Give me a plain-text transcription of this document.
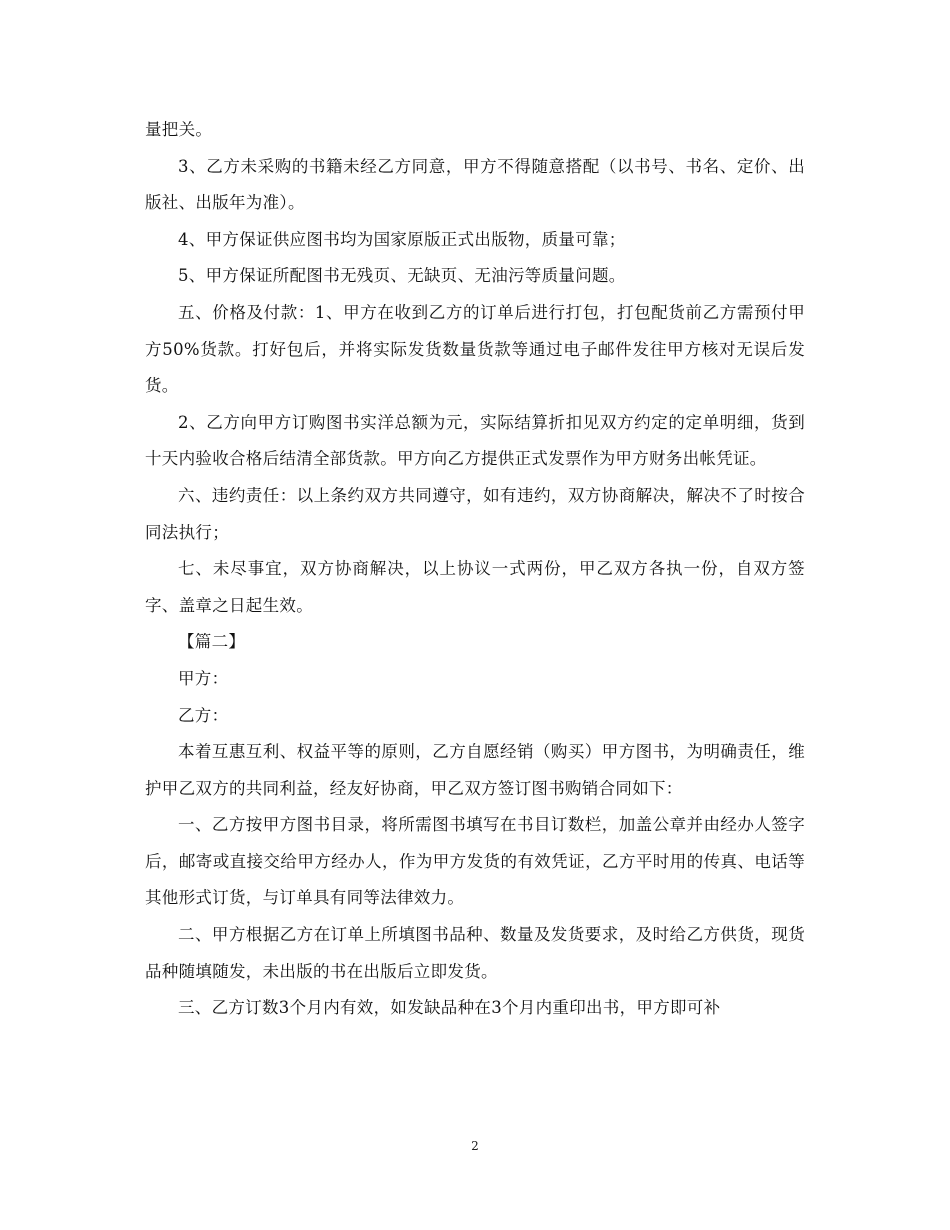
量把关。

3、乙方未采购的书籍未经乙方同意，甲方不得随意搭配（以书号、书名、定价、出版社、出版年为准）。

4、甲方保证供应图书均为国家原版正式出版物，质量可靠；

5、甲方保证所配图书无残页、无缺页、无油污等质量问题。

五、价格及付款：1、甲方在收到乙方的订单后进行打包，打包配货前乙方需预付甲方50%货款。打好包后，并将实际发货数量货款等通过电子邮件发往甲方核对无误后发货。

2、乙方向甲方订购图书实洋总额为元，实际结算折扣见双方约定的定单明细，货到十天内验收合格后结清全部货款。甲方向乙方提供正式发票作为甲方财务出帐凭证。

六、违约责任：以上条约双方共同遵守，如有违约，双方协商解决，解决不了时按合同法执行；

七、未尽事宜，双方协商解决，以上协议一式两份，甲乙双方各执一份，自双方签字、盖章之日起生效。

【篇二】

甲方：

乙方：

本着互惠互利、权益平等的原则，乙方自愿经销（购买）甲方图书，为明确责任，维护甲乙双方的共同利益，经友好协商，甲乙双方签订图书购销合同如下：

一、乙方按甲方图书目录，将所需图书填写在书目订数栏，加盖公章并由经办人签字后，邮寄或直接交给甲方经办人，作为甲方发货的有效凭证，乙方平时用的传真、电话等其他形式订货，与订单具有同等法律效力。

二、甲方根据乙方在订单上所填图书品种、数量及发货要求，及时给乙方供货，现货品种随填随发，未出版的书在出版后立即发货。

三、乙方订数3个月内有效，如发缺品种在3个月内重印出书，甲方即可补

2
